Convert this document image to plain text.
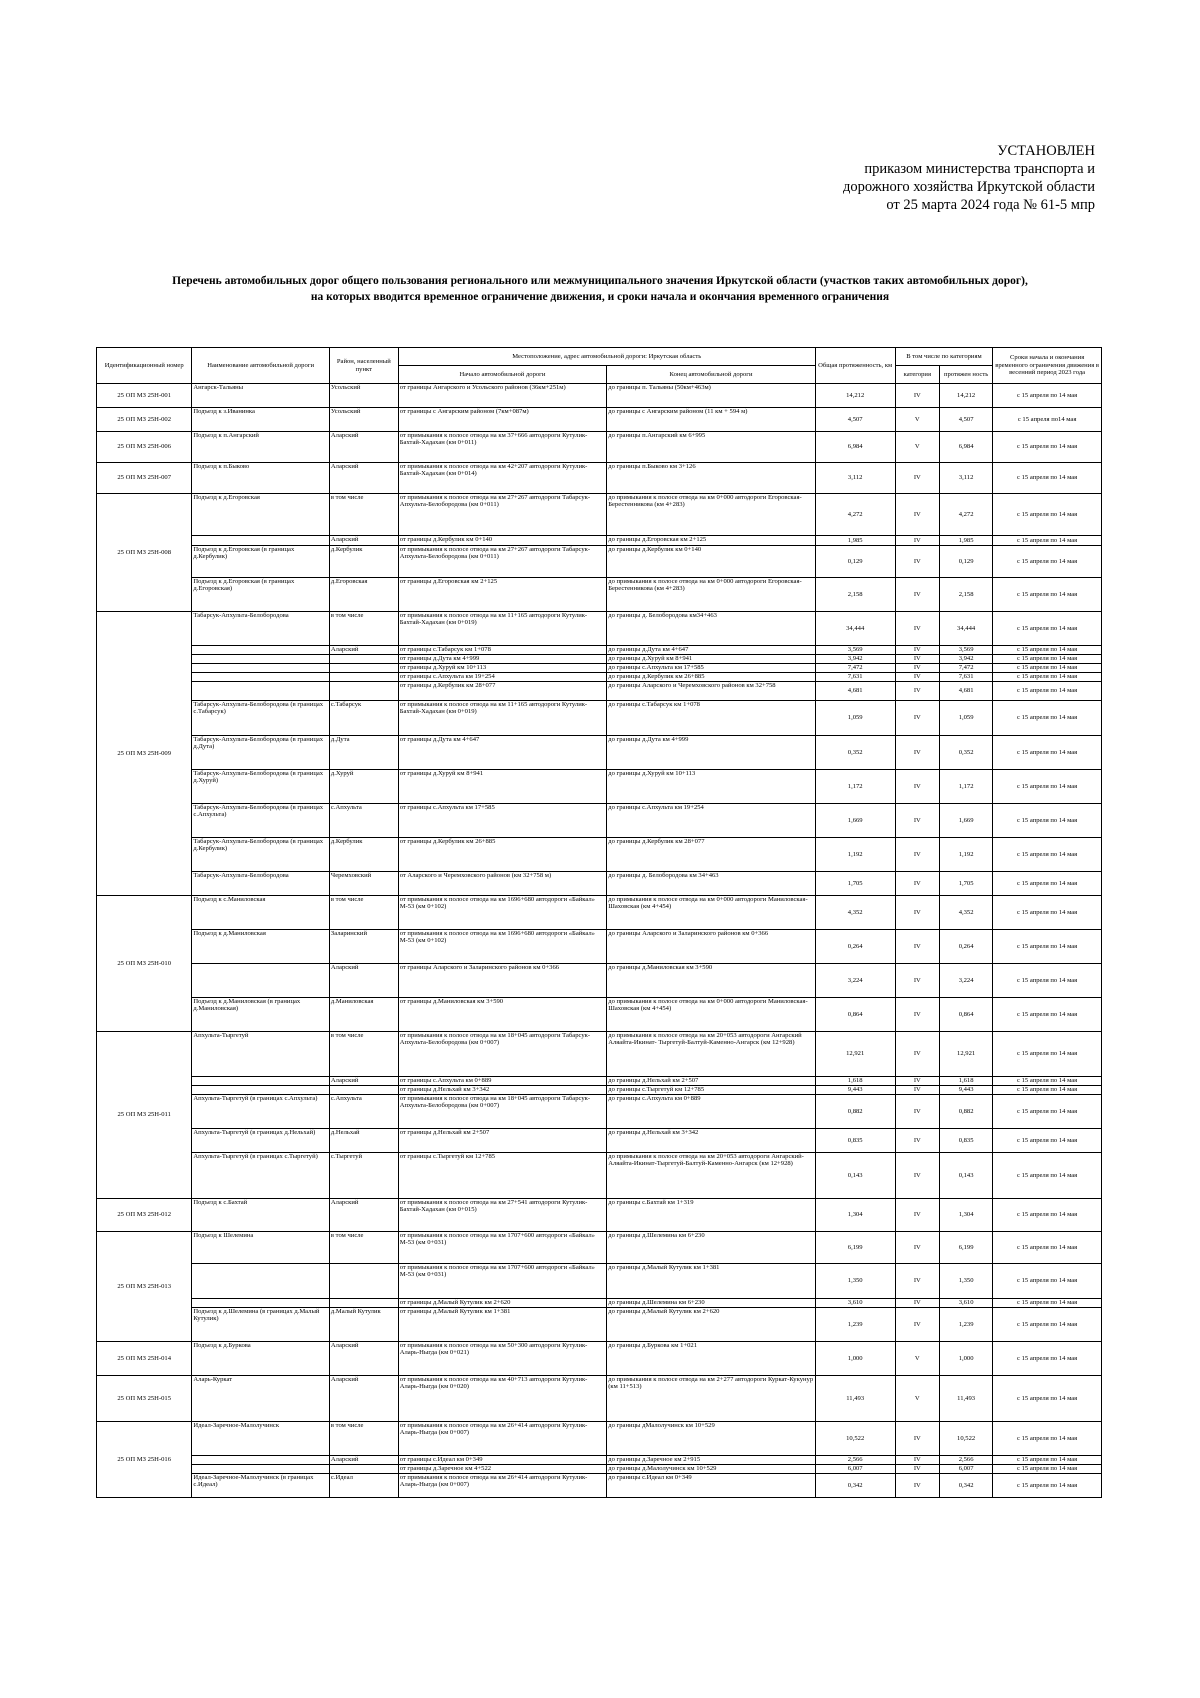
УСТАНОВЛЕН
приказом министерства транспорта и
дорожного хозяйства Иркутской области
от 25 марта 2024 года № 61-5 мпр
Перечень автомобильных дорог общего пользования регионального или межмуниципального значения Иркутской области (участков таких автомобильных дорог),
на которых вводится временное ограничение движения, и сроки начала и окончания временного ограничения
Идентификационный номер	Наименование автомобильной дороги	Район, населенный пункт	Местоположение, адрес автомобильной дороги: Иркутская область		Общая протяженность, км	В том числе по категориям		Сроки начала и окончания временного ограничения движения в весенний период 2023 года
			Начало автомобильной дороги	Конец автомобильной дороги		категория	протяжен ность	
25 ОП МЗ 25Н-001	Ангарск-Тальяны	Усольский	от границы Ангарского и Усольского районов (36км+251м)	до границы п. Тальяны (50км+463м)	14,212	IV	14,212	с 15 апреля по 14 мая
25 ОП МЗ 25Н-002	Подъезд к з.Иванинка	Усольский	от границы с Ангарским районом (7км+087м)	до границы с Ангарским районом (11 км + 594 м)	4,507	V	4,507	с 15 апреля по14 мая
25 ОП МЗ 25Н-006	Подъезд к п.Ангарский	Аларский	от примыкания к полосе отвода на км 37+666 автодороги Кутулик-Бахтай-Хадахан (км 0+011)	до границы п.Ангарский км 6+995	6,984	V	6,984	с 15 апреля по 14 мая
25 ОП МЗ 25Н-007	Подъезд к п.Быково	Аларский	от примыкания к полосе отвода на км 42+207 автодороги Кутулик-Бахтай-Хадахан (км 0+014)	до границы п.Быково км 3+126	3,112	IV	3,112	с 15 апреля по 14 мая
25 ОП МЗ 25Н-008	Подъезд к д.Егоровская	в том числе	от примыкания к полосе отвода на км 27+267 автодороги Табарсук-Апхульта-Белобородова (км 0+011)	до примыкания к полосе отвода на км 0+000 автодороги Егоровская-Берестенникова (км 4+283)	4,272	IV	4,272	с 15 апреля по 14 мая
		Аларский	от границы д.Кербулик км 0+140	до границы д.Егоровская км 2+125	1,985	IV	1,985	с 15 апреля по 14 мая
	Подъезд к д.Егоровская (в границах д.Кербулик)	д.Кербулик	от примыкания к полосе отвода на км 27+267 автодороги Табарсук-Апхульта-Белобородова (км 0+011)	до границы д.Кербулик км 0+140	0,129	IV	0,129	с 15 апреля по 14 мая
	Подъезд к д.Егоровская (в границах д.Егоровская)	д.Егоровская	от границы д.Егоровская км 2+125	до примыкания к полосе отвода на км 0+000 автодороги Егоровская-Берестенникова (км 4+283)	2,158	IV	2,158	с 15 апреля по 14 мая
25 ОП МЗ 25Н-009	Табарсук-Апхульта-Белобородова	в том числе	от примыкания к полосе отвода на км 11+165 автодороги Кутулик-Бахтай-Хадахан (км 0+019)	до границы д. Белобородова км34+463	34,444	IV	34,444	с 15 апреля по 14 мая
		Аларский	от границы с.Табарсук км 1+078	до границы д.Дута км 4+647	3,569	IV	3,569	с 15 апреля по 14 мая
			от границы д.Дута км 4+999	до границы д.Хуруй км 8+941	3,942	IV	3,942	с 15 апреля по 14 мая
			от границы д.Хуруй км 10+113	до границы с.Апхульта км 17+585	7,472	IV	7,472	с 15 апреля по 14 мая
			от границы с.Апхульта км 19+254	до границы д.Кербулик км 26+885	7,631	IV	7,631	с 15 апреля по 14 мая
			от границы д.Кербулик км 28+077	до границы Аларского и Черемховского районов км 32+758	4,681	IV	4,681	с 15 апреля по 14 мая
	Табарсук-Апхульта-Белобородова (в границах с.Табарсук)	с.Табарсук	от примыкания к полосе отвода на км 11+165 автодороги Кутулик-Бахтай-Хадахан (км 0+019)	до границы с.Табарсук км 1+078	1,059	IV	1,059	с 15 апреля по 14 мая
	Табарсук-Апхульта-Белобородова (в границах д.Дута)	д.Дута	от границы д.Дута км 4+647	до границы д.Дута км 4+999	0,352	IV	0,352	с 15 апреля по 14 мая
	Табарсук-Апхульта-Белобородова (в границах д.Хуруй)	д.Хуруй	от границы д.Хуруй км 8+941	до границы д.Хуруй км 10+113	1,172	IV	1,172	с 15 апреля по 14 мая
	Табарсук-Апхульта-Белобородова (в границах с.Апхульта)	с.Апхульта	от границы с.Апхульта км 17+585	до границы с.Апхульта км 19+254	1,669	IV	1,669	с 15 апреля по 14 мая
	Табарсук-Апхульта-Белобородова (в границах д.Кербулик)	д.Кербулик	от границы д.Кербулик км 26+885	до границы д.Кербулик км 28+077	1,192	IV	1,192	с 15 апреля по 14 мая
	Табарсук-Апхульта-Белобородова	Черемховский	от Аларского и Черемховского районов (км 32+758 м)	до границы д. Белобородова км 34+463	1,705	IV	1,705	с 15 апреля по 14 мая
25 ОП МЗ 25Н-010	Подъезд к с.Маниловская	в том числе	от примыкания к полосе отвода на км 1696+680 автодороги «Байкал» М-53 (км 0+102)	до примыкания к полосе отвода на км 0+000 автодороги Маниловская-Шаховская (км 4+454)	4,352	IV	4,352	с 15 апреля по 14 мая
	Подъезд к д.Маниловская	Заларинский	от примыкания к полосе отвода на км 1696+680 автодороги «Байкал» М-53 (км 0+102)	до границы Аларского и Заларинского районов км 0+366	0,264	IV	0,264	с 15 апреля по 14 мая
		Аларский	от границы Аларского и Заларинского районов км 0+366	до границы д.Маниловская км 3+590	3,224	IV	3,224	с 15 апреля по 14 мая
	Подъезд к д.Маниловская (в границах д.Маниловская)	д.Маниловская	от границы д.Маниловская км 3+590	до примыкания к полосе отвода на км 0+000 автодороги Маниловская-Шаховская (км 4+454)	0,864	IV	0,864	с 15 апреля по 14 мая
25 ОП МЗ 25Н-011	Апхульта-Тыргетуй	в том числе	от примыкания к полосе отвода на км 18+045 автодороги Табарсук-Апхульта-Белобородова (км 0+007)	до примыкания к полосе отвода на км 20+053 автодороги Ангарский Аляайта-Икинат- Тыргетуй-Балтуй-Каменно-Ангарск (км 12+928)	12,921	IV	12,921	с 15 апреля по 14 мая
		Аларский	от границы с.Апхульта км 0+889	до границы д.Нельхай км 2+507	1,618	IV	1,618	с 15 апреля по 14 мая
			от границы д.Нельхай км 3+342	до границы с.Тыргетуй км 12+785	9,443	IV	9,443	с 15 апреля по 14 мая
	Апхульта-Тыргетуй (в границах с.Апхульта)	с.Апхульта	от примыкания к полосе отвода на км 18+045 автодороги Табарсук-Апхульта-Белобородова (км 0+007)	до границы с.Апхульта км 0+889	0,882	IV	0,882	с 15 апреля по 14 мая
	Апхульта-Тыргетуй (в границах д.Нельхай)	д.Нельхай	от границы д.Нельхай км 2+507	до границы д.Нельхай км 3+342	0,835	IV	0,835	с 15 апреля по 14 мая
	Апхульта-Тыргетуй (в границах с.Тыргетуй)	с.Тыргетуй	от границы с.Тыргетуй км 12+785	до примыкания к полосе отвода на км 20+053 автодороги Ангарский-Аляайта-Икинат-Тыргетуй-Балтуй-Каменно-Ангарск (км 12+928)	0,143	IV	0,143	с 15 апреля по 14 мая
25 ОП МЗ 25Н-012	Подъезд к с.Бахтай	Аларский	от примыкания к полосе отвода на км 27+541 автодороги Кутулик-Бахтай-Хадахан (км 0+015)	до границы с.Бахтай км 1+319	1,304	IV	1,304	с 15 апреля по 14 мая
25 ОП МЗ 25Н-013	Подъезд к Шелемина	в том числе	от примыкания к полосе отвода на км 1707+600 автодороги «Байкал» М-53 (км 0+031)	до границы д.Шелемина км 6+230	6,199	IV	6,199	с 15 апреля по 14 мая
			от примыкания к полосе отвода на км 1707+600 автодороги «Байкал» М-53 (км 0+031)	до границы д.Малый Кутулик км 1+381	1,350	IV	1,350	с 15 апреля по 14 мая
			от границы д.Малый Кутулик км 2+620	до границы д.Шелемина км 6+230	3,610	IV	3,610	с 15 апреля по 14 мая
	Подъезд к д.Шелемина (в границах д.Малый Кутулик)	д.Малый Кутулик	от границы д.Малый Кутулик км 1+381	до границы д.Малый Кутулик км 2+620	1,239	IV	1,239	с 15 апреля по 14 мая
25 ОП МЗ 25Н-014	Подъезд к д.Буркова	Аларский	от примыкания к полосе отвода на км 50+300 автодороги Кутулик-Аларь-Ныгда (км 0+021)	до границы д.Буркова км 1+021	1,000	V	1,000	с 15 апреля по 14 мая
25 ОП МЗ 25Н-015	Аларь-Куркат	Аларский	от примыкания к полосе отвода на км 40+713 автодороги Кутулик-Аларь-Ныгда (км 0+020)	до примыкания к полосе отвода на км 2+277 автодороги Куркат-Кукунур (км 11+513)	11,493	V	11,493	с 15 апреля по 14 мая
25 ОП МЗ 25Н-016	Идеал-Заречное-Малолучинск	в том числе	от примыкания к полосе отвода на км 26+414 автодороги Кутулик-Аларь-Ныгда (км 0+007)	до границы дМалолучинск км 10+529	10,522	IV	10,522	с 15 апреля по 14 мая
		Аларский	от границы с.Идеал км 0+349	до границы д.Заречное км 2+915	2,566	IV	2,566	с 15 апреля по 14 мая
			от границы д.Заречное км 4+522	до границы д.Малолучинск км 10+529	6,007	IV	6,007	с 15 апреля по 14 мая
	Идеал-Заречное-Малолучинск (в границах с.Идеал)	с.Идеал	от примыкания к полосе отвода на км 26+414 автодороги Кутулик-Аларь-Ныгда (км 0+007)	до границы с.Идеал км 0+349	0,342	IV	0,342	с 15 апреля по 14 мая
